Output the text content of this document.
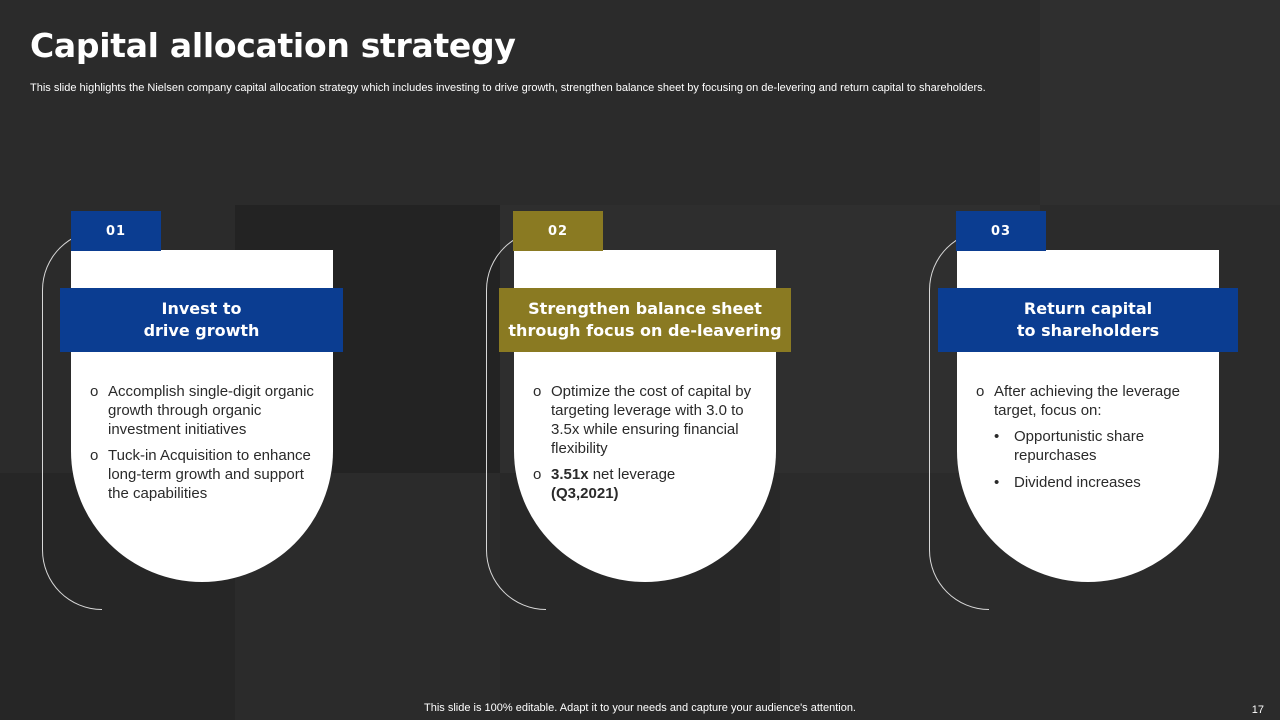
Capital allocation strategy
This slide highlights the Nielsen company capital allocation strategy which includes investing to drive growth, strengthen balance sheet by focusing on de-levering and return capital to shareholders.
01
Invest to
drive growth
o Accomplish single-digit organic growth through organic investment initiatives
o Tuck-in Acquisition to enhance long-term growth and support the capabilities
02
Strengthen balance sheet
through focus on de-leavering
o Optimize the cost of capital by targeting leverage with 3.0 to 3.5x while ensuring financial flexibility
o 3.51x net leverage
(Q3,2021)
03
Return capital
to shareholders
o After achieving the leverage target, focus on:
• Opportunistic share repurchases
• Dividend increases
This slide is 100% editable. Adapt it to your needs and capture your audience's attention.	17
